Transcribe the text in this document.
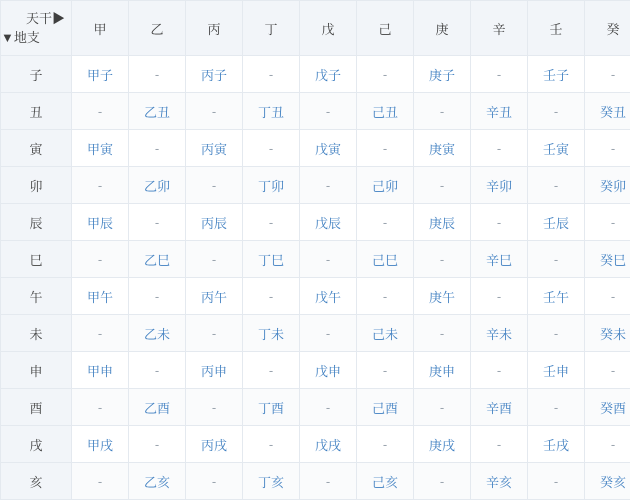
天干▶
▼地支	甲	乙	丙	丁	戊	己	庚	辛	壬	癸
子	甲子	-	丙子	-	戊子	-	庚子	-	壬子	-
丑	-	乙丑	-	丁丑	-	己丑	-	辛丑	-	癸丑
寅	甲寅	-	丙寅	-	戊寅	-	庚寅	-	壬寅	-
卯	-	乙卯	-	丁卯	-	己卯	-	辛卯	-	癸卯
辰	甲辰	-	丙辰	-	戊辰	-	庚辰	-	壬辰	-
巳	-	乙巳	-	丁巳	-	己巳	-	辛巳	-	癸巳
午	甲午	-	丙午	-	戊午	-	庚午	-	壬午	-
未	-	乙未	-	丁未	-	己未	-	辛未	-	癸未
申	甲申	-	丙申	-	戊申	-	庚申	-	壬申	-
酉	-	乙酉	-	丁酉	-	己酉	-	辛酉	-	癸酉
戌	甲戌	-	丙戌	-	戊戌	-	庚戌	-	壬戌	-
亥	-	乙亥	-	丁亥	-	己亥	-	辛亥	-	癸亥
